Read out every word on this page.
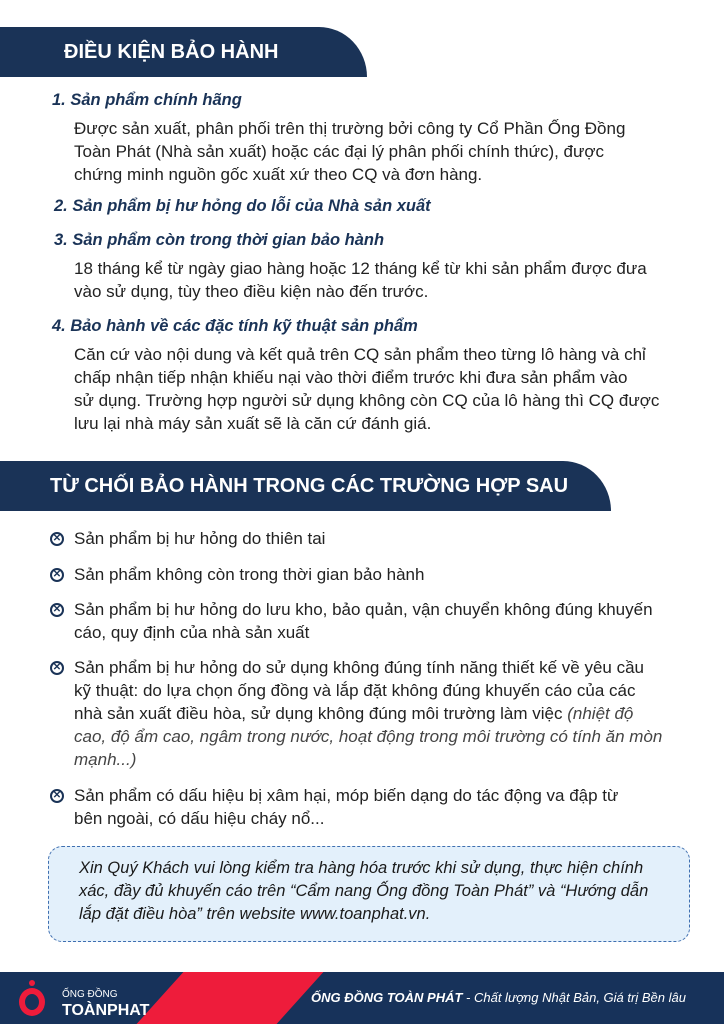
ĐIỀU KIỆN BẢO HÀNH
1. Sản phẩm chính hãng
Được sản xuất, phân phối trên thị trường bởi công ty Cổ Phần Ống Đồng
Toàn Phát (Nhà sản xuất) hoặc các đại lý phân phối chính thức), được
chứng minh nguồn gốc xuất xứ theo CQ và đơn hàng.
2. Sản phẩm bị hư hỏng do lỗi của Nhà sản xuất
3. Sản phẩm còn trong thời gian bảo hành
18 tháng kể từ ngày giao hàng hoặc 12 tháng kể từ khi sản phẩm được đưa
vào sử dụng, tùy theo điều kiện nào đến trước.
4. Bảo hành về các đặc tính kỹ thuật sản phẩm
Căn cứ vào nội dung và kết quả trên CQ sản phẩm theo từng lô hàng và chỉ
chấp nhận tiếp nhận khiếu nại vào thời điểm trước khi đưa sản phẩm vào
sử dụng. Trường hợp người sử dụng không còn CQ của lô hàng thì CQ được
lưu lại nhà máy sản xuất sẽ là căn cứ đánh giá.
TỪ CHỐI BẢO HÀNH TRONG CÁC TRƯỜNG HỢP SAU
✕ Sản phẩm bị hư hỏng do thiên tai
✕ Sản phẩm không còn trong thời gian bảo hành
✕ Sản phẩm bị hư hỏng do lưu kho, bảo quản, vận chuyển không đúng khuyến
cáo, quy định của nhà sản xuất
✕ Sản phẩm bị hư hỏng do sử dụng không đúng tính năng thiết kế về yêu cầu
kỹ thuật: do lựa chọn ống đồng và lắp đặt không đúng khuyến cáo của các
nhà sản xuất điều hòa, sử dụng không đúng môi trường làm việc (nhiệt độ
cao, độ ẩm cao, ngâm trong nước, hoạt động trong môi trường có tính ăn mòn
mạnh...)
✕ Sản phẩm có dấu hiệu bị xâm hại, móp biến dạng do tác động va đập từ
bên ngoài, có dấu hiệu cháy nổ...
Xin Quý Khách vui lòng kiểm tra hàng hóa trước khi sử dụng, thực hiện chính
xác, đầy đủ khuyến cáo trên “Cẩm nang Ống đồng Toàn Phát” và “Hướng dẫn
lắp đặt điều hòa” trên website www.toanphat.vn.
ỐNG ĐỒNG
TOÀNPHAT
ỐNG ĐỒNG TOÀN PHÁT - Chất lượng Nhật Bản, Giá trị Bền lâu
